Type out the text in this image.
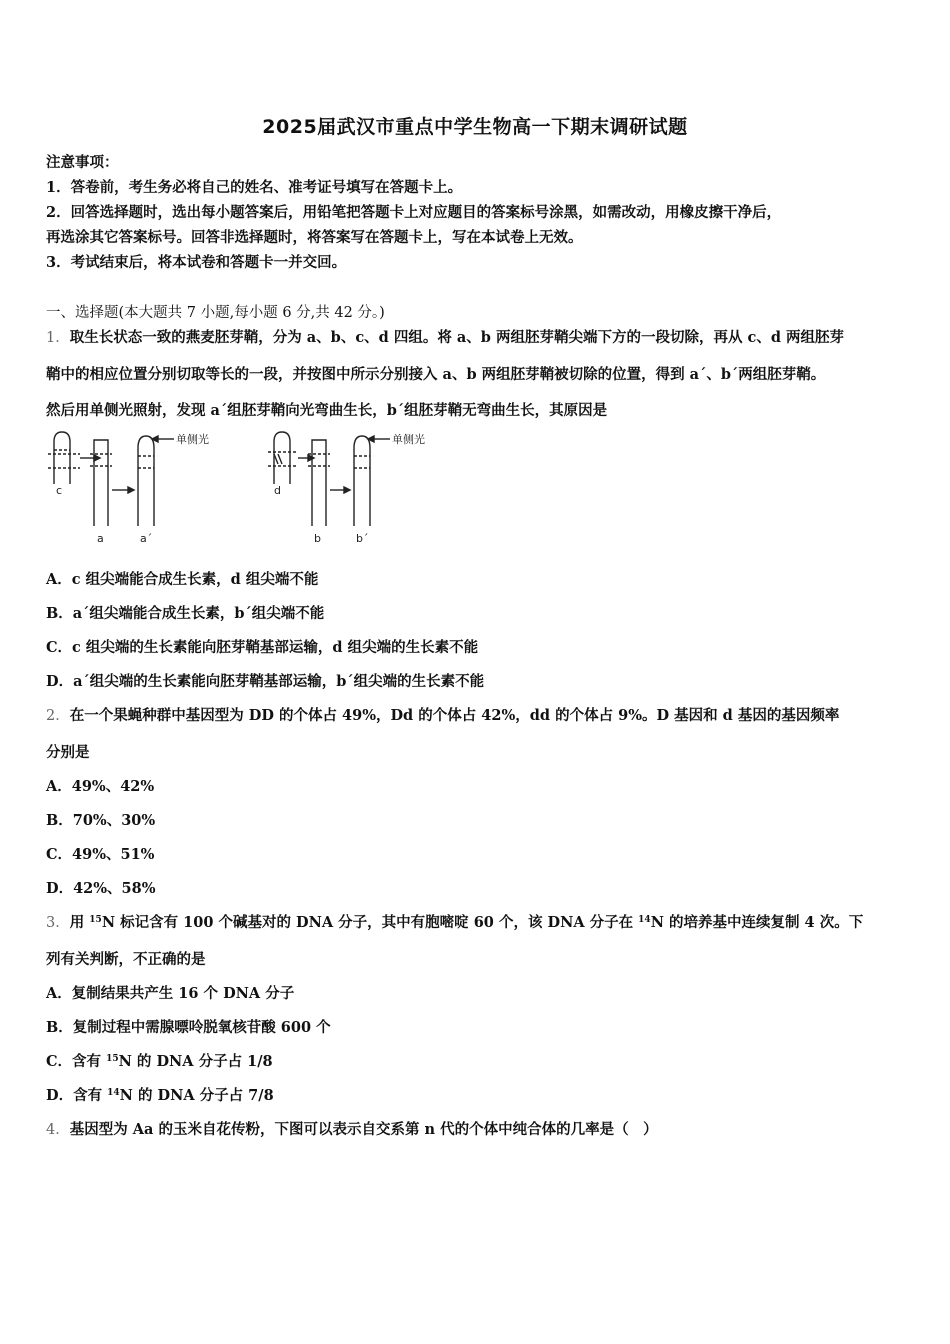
2025届武汉市重点中学生物高一下期末调研试题
注意事项：
1．答卷前，考生务必将自己的姓名、准考证号填写在答题卡上。
2．回答选择题时，选出每小题答案后，用铅笔把答题卡上对应题目的答案标号涂黑，如需改动，用橡皮擦干净后，
再选涂其它答案标号。回答非选择题时，将答案写在答题卡上，写在本试卷上无效。
3．考试结束后，将本试卷和答题卡一并交回。
一、选择题(本大题共 7 小题,每小题 6 分,共 42 分。)
1．取生长状态一致的燕麦胚芽鞘，分为 a、b、c、d 四组。将 a、b 两组胚芽鞘尖端下方的一段切除，再从 c、d 两组胚芽
鞘中的相应位置分别切取等长的一段，并按图中所示分别接入 a、b 两组胚芽鞘被切除的位置，得到 a´、b´两组胚芽鞘。
然后用单侧光照射，发现 a´组胚芽鞘向光弯曲生长，b´组胚芽鞘无弯曲生长，其原因是
单侧光
c
a	a´
单侧光
d
b	b´
A．c 组尖端能合成生长素，d 组尖端不能
B．a´组尖端能合成生长素，b´组尖端不能
C．c 组尖端的生长素能向胚芽鞘基部运输，d 组尖端的生长素不能
D．a´组尖端的生长素能向胚芽鞘基部运输，b´组尖端的生长素不能
2．在一个果蝇种群中基因型为 DD 的个体占 49%，Dd 的个体占 42%，dd 的个体占 9%。D 基因和 d 基因的基因频率
分别是
A．49%、42%
B．70%、30%
C．49%、51%
D．42%、58%
3．用 $^{15}$N 标记含有 100 个碱基对的 DNA 分子，其中有胞嘧啶 60 个，该 DNA 分子在 $^{14}$N 的培养基中连续复制 4 次。下
列有关判断，不正确的是
A．复制结果共产生 16 个 DNA 分子
B．复制过程中需腺嘌呤脱氧核苷酸 600 个
C．含有 $^{15}$N 的 DNA 分子占 1/8
D．含有 $^{14}$N 的 DNA 分子占 7/8
4．基因型为 Aa 的玉米自花传粉，下图可以表示自交系第 n 代的个体中纯合体的几率是（　）
